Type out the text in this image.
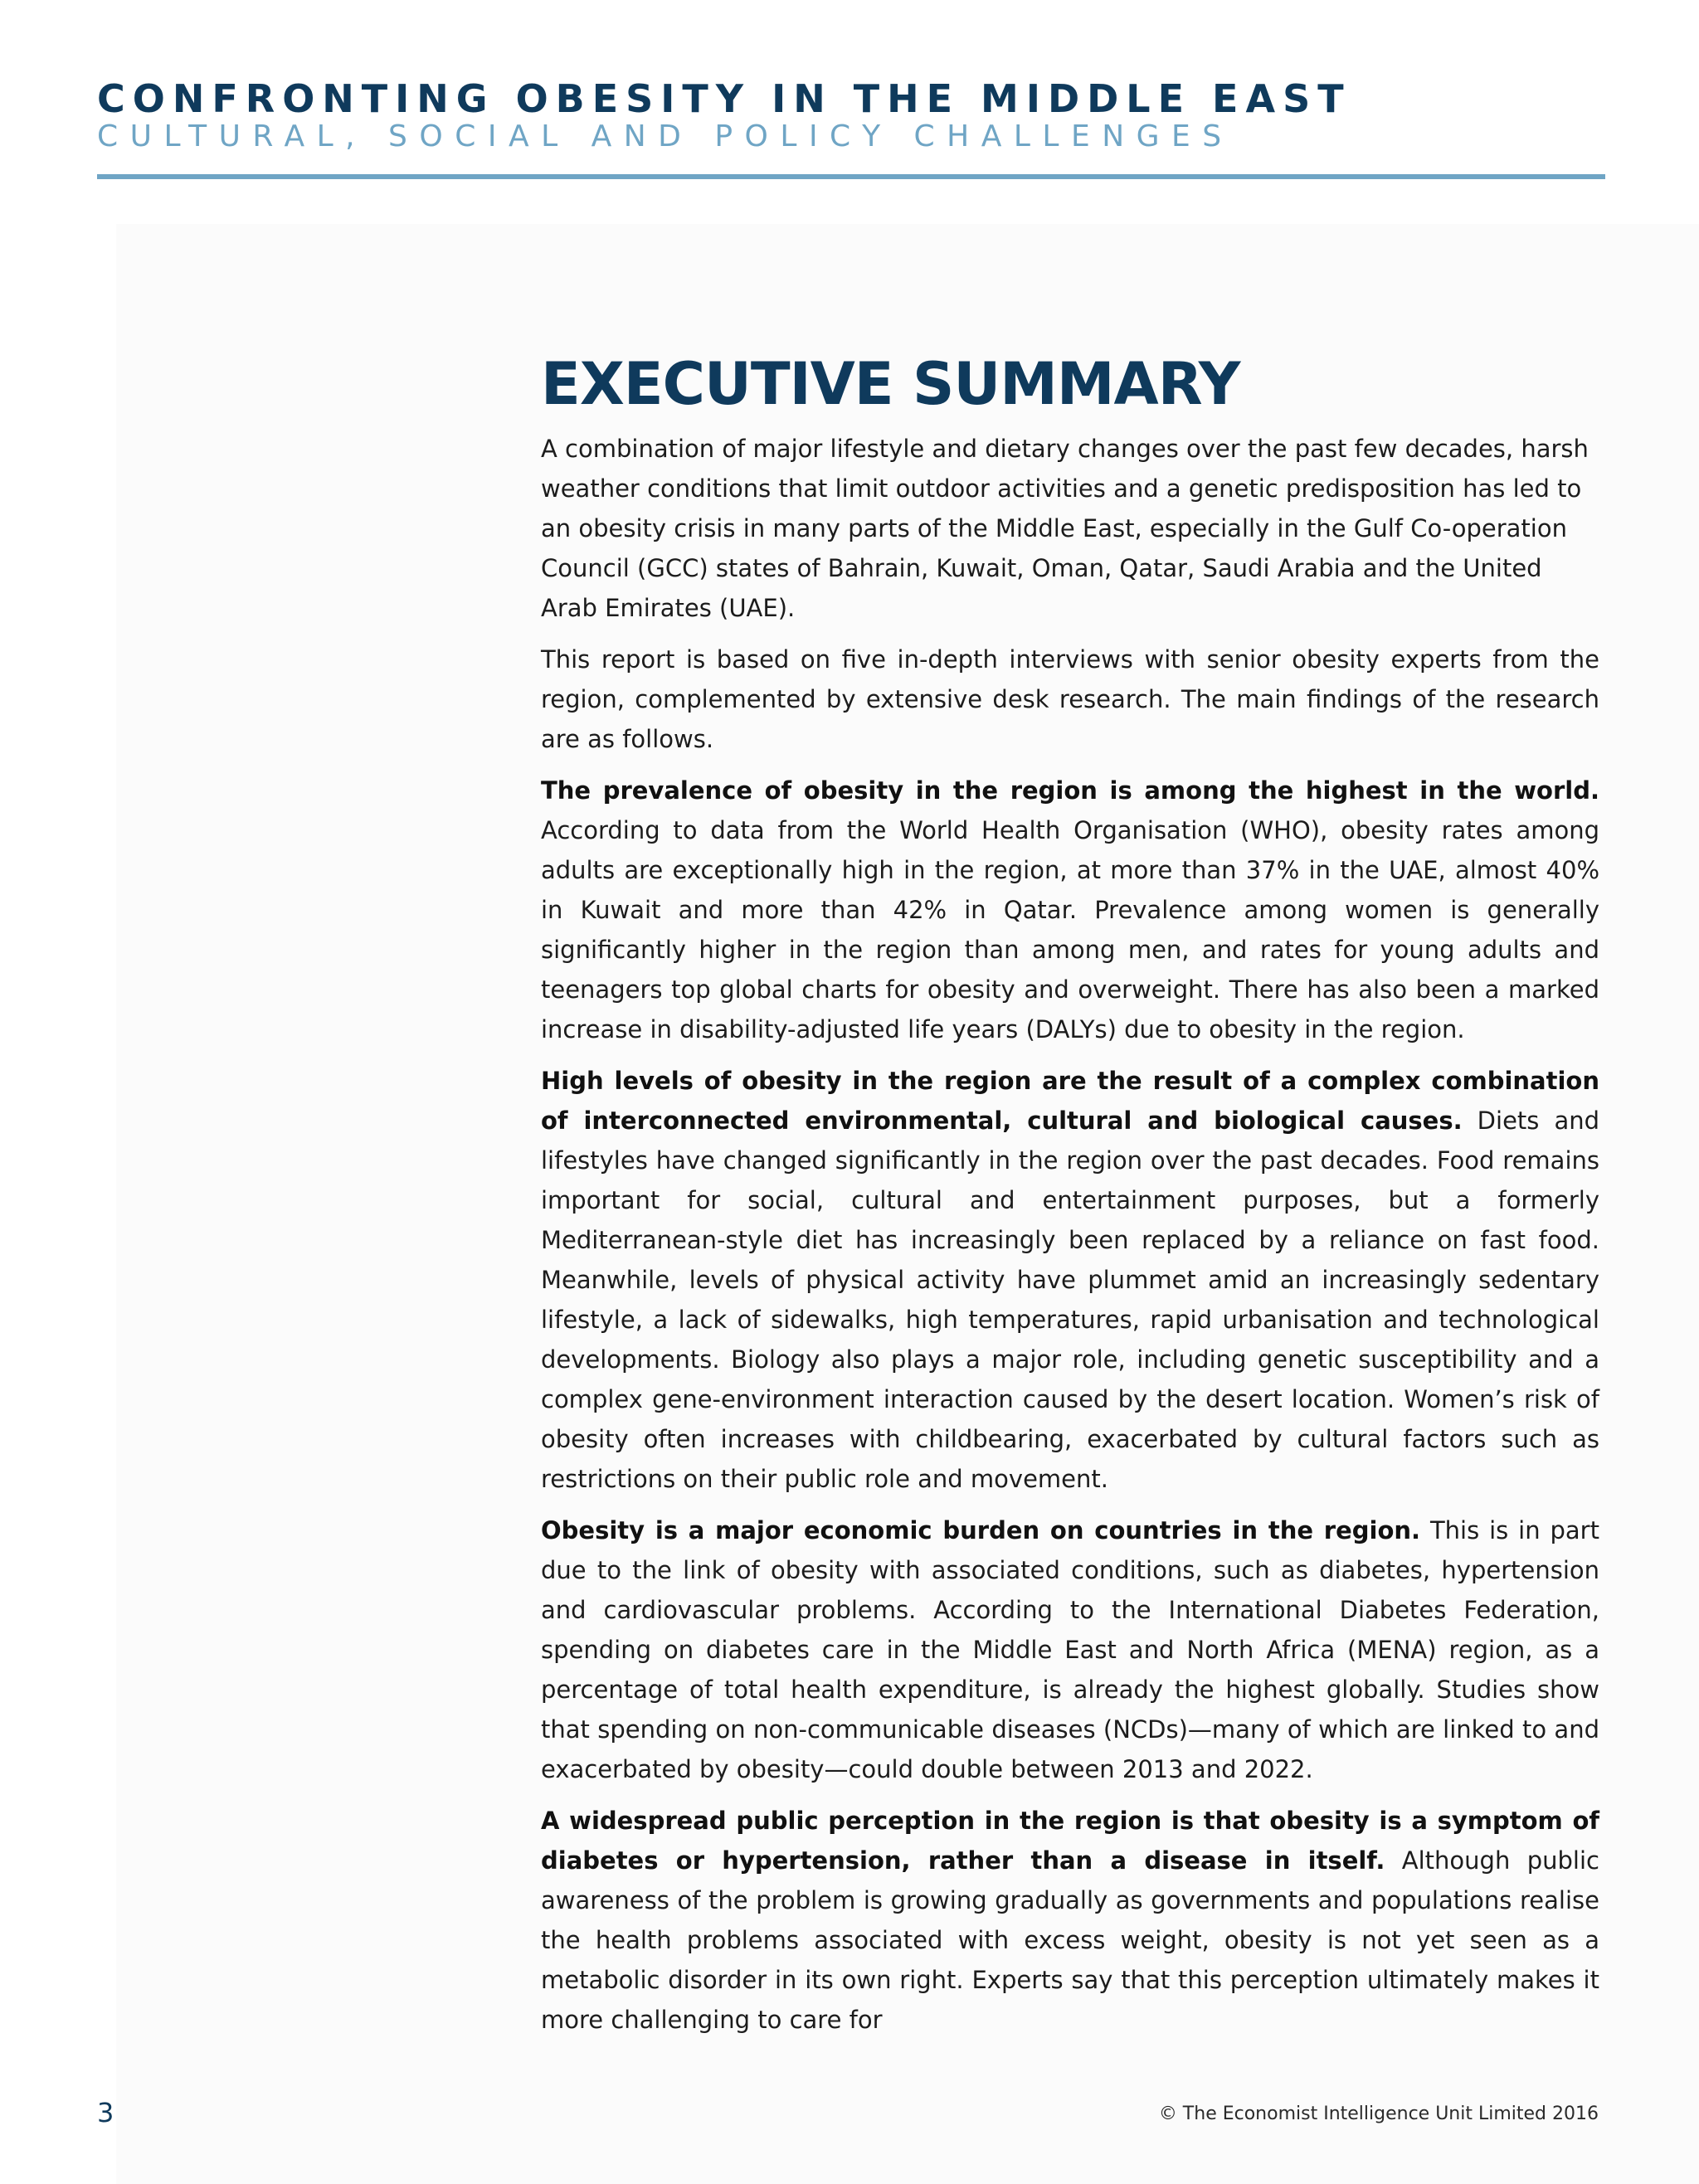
CONFRONTING OBESITY IN THE MIDDLE EAST
CULTURAL, SOCIAL AND POLICY CHALLENGES
EXECUTIVE SUMMARY

A combination of major lifestyle and dietary changes over the past few decades, harsh weather conditions that limit outdoor activities and a genetic predisposition has led to an obesity crisis in many parts of the Middle East, especially in the Gulf Co-operation Council (GCC) states of Bahrain, Kuwait, Oman, Qatar, Saudi Arabia and the United Arab Emirates (UAE).

This report is based on five in-depth interviews with senior obesity experts from the region, complemented by extensive desk research. The main findings of the research are as follows.

The prevalence of obesity in the region is among the highest in the world. According to data from the World Health Organisation (WHO), obesity rates among adults are exceptionally high in the region, at more than 37% in the UAE, almost 40% in Kuwait and more than 42% in Qatar. Prevalence among women is generally significantly higher in the region than among men, and rates for young adults and teenagers top global charts for obesity and overweight. There has also been a marked increase in disability-adjusted life years (DALYs) due to obesity in the region.

High levels of obesity in the region are the result of a complex combination of interconnected environmental, cultural and biological causes. Diets and lifestyles have changed significantly in the region over the past decades. Food remains important for social, cultural and entertainment purposes, but a formerly Mediterranean-style diet has increasingly been replaced by a reliance on fast food. Meanwhile, levels of physical activity have plummet amid an increasingly sedentary lifestyle, a lack of sidewalks, high temperatures, rapid urbanisation and technological developments. Biology also plays a major role, including genetic susceptibility and a complex gene-environment interaction caused by the desert location. Women’s risk of obesity often increases with childbearing, exacerbated by cultural factors such as restrictions on their public role and movement.

Obesity is a major economic burden on countries in the region. This is in part due to the link of obesity with associated conditions, such as diabetes, hypertension and cardiovascular problems. According to the International Diabetes Federation, spending on diabetes care in the Middle East and North Africa (MENA) region, as a percentage of total health expenditure, is already the highest globally. Studies show that spending on non-communicable diseases (NCDs)—many of which are linked to and exacerbated by obesity—could double between 2013 and 2022.

A widespread public perception in the region is that obesity is a symptom of diabetes or hypertension, rather than a disease in itself. Although public awareness of the problem is growing gradually as governments and populations realise the health problems associated with excess weight, obesity is not yet seen as a metabolic disorder in its own right. Experts say that this perception ultimately makes it more challenging to care for

3	© The Economist Intelligence Unit Limited 2016
